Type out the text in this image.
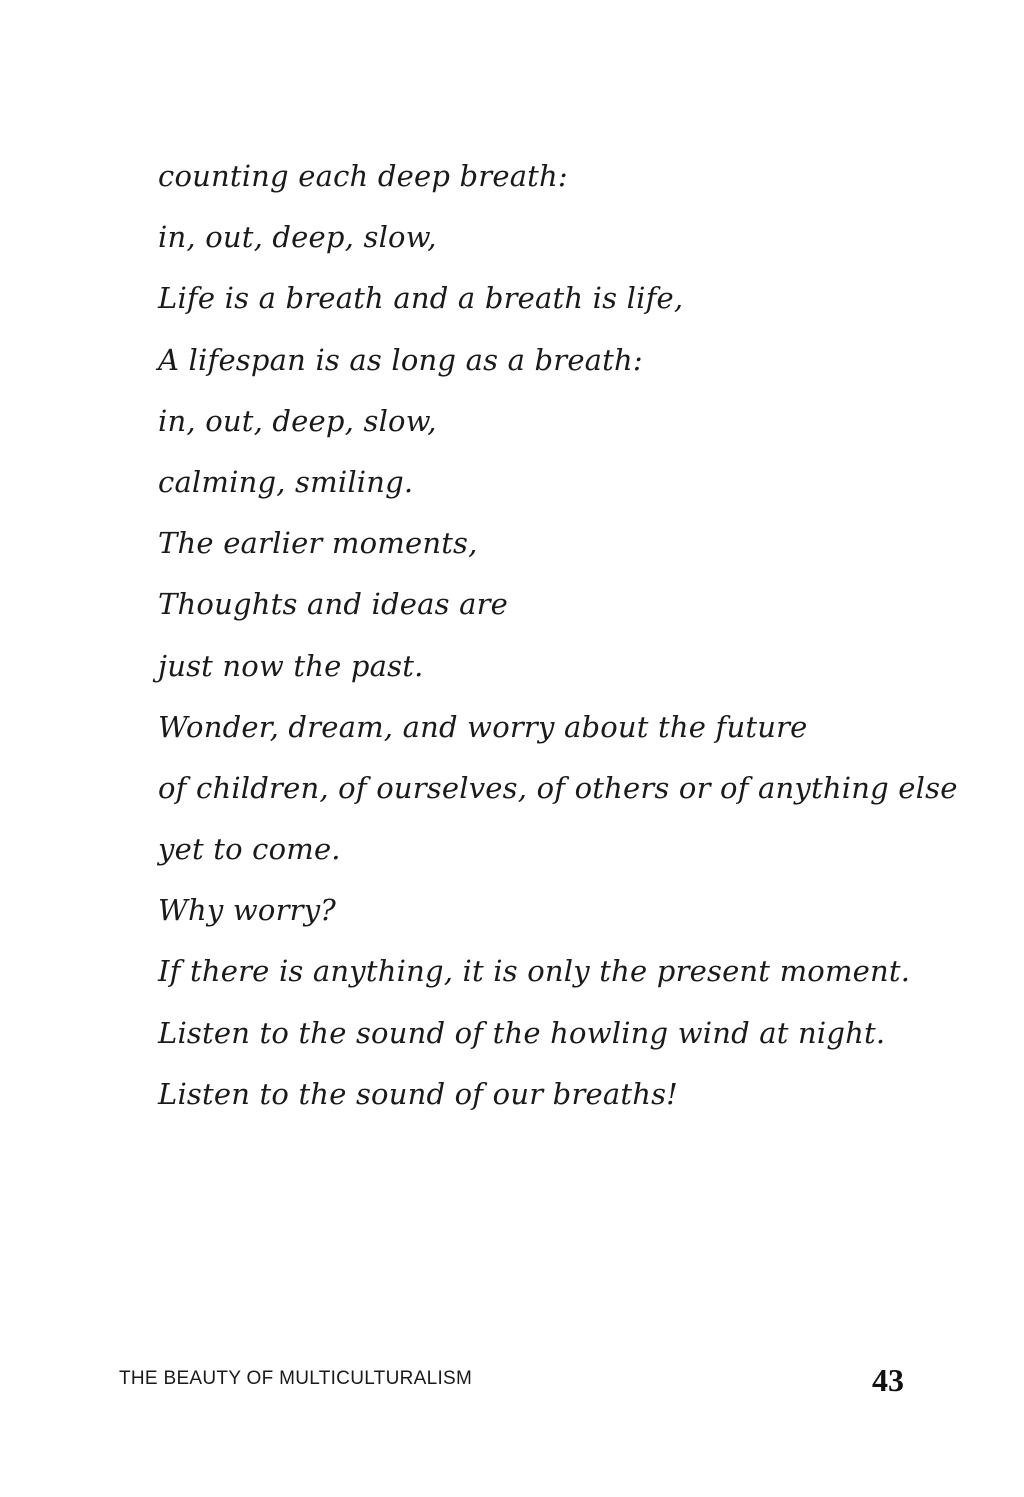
counting each deep breath:
in, out, deep, slow,
Life is a breath and a breath is life,
A lifespan is as long as a breath:
in, out, deep, slow,
calming, smiling.
The earlier moments,
Thoughts and ideas are
just now the past.
Wonder, dream, and worry about the future
of children, of ourselves, of others or of anything else
yet to come.
Why worry?
If there is anything, it is only the present moment.
Listen to the sound of the howling wind at night.
Listen to the sound of our breaths!
THE BEAUTY OF MULTICULTURALISM	43
